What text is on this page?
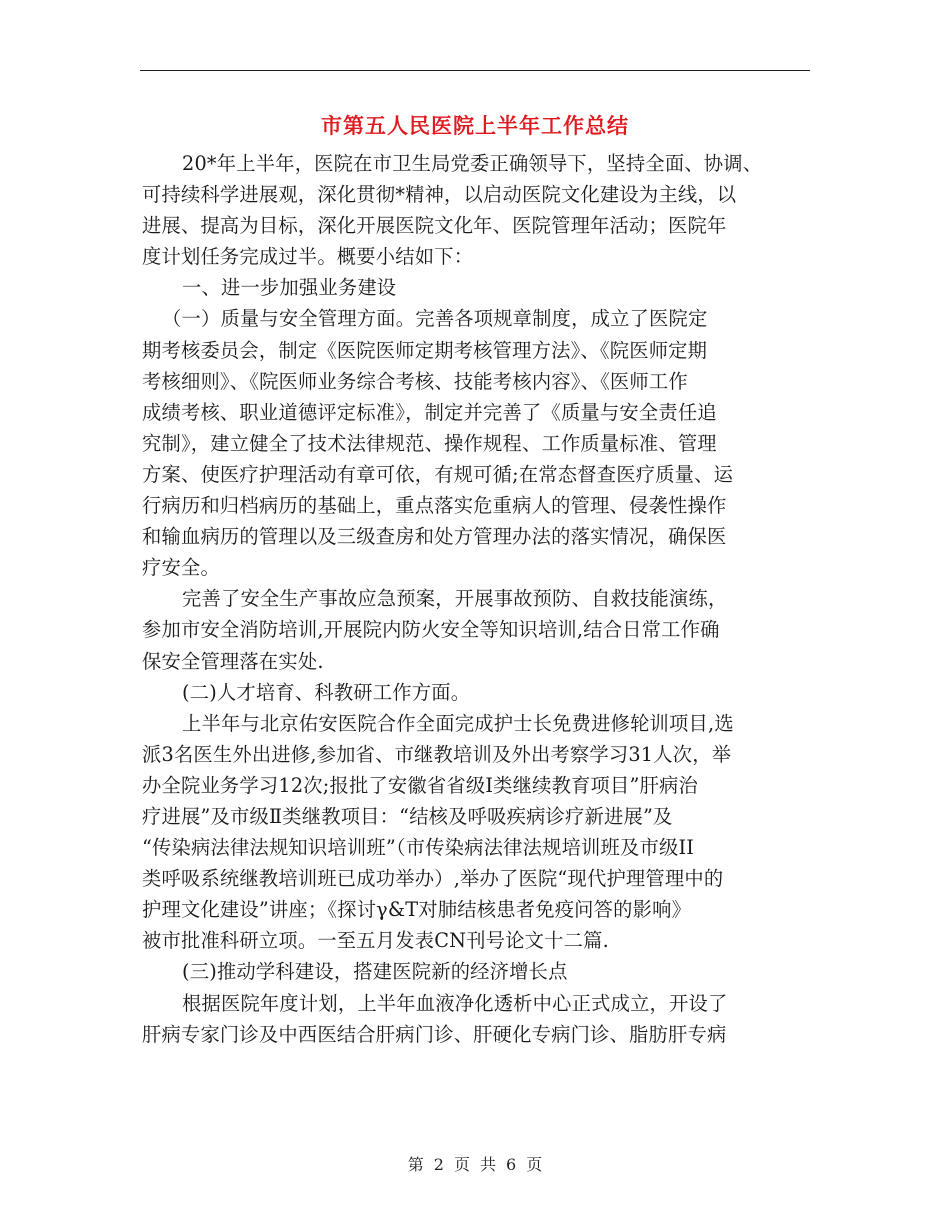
市第五人民医院上半年工作总结
20*年上半年，医院在市卫生局党委正确领导下，坚持全面、协调、
可持续科学进展观，深化贯彻*精神，以启动医院文化建设为主线，以
进展、提高为目标，深化开展医院文化年、医院管理年活动；医院年
度计划任务完成过半。概要小结如下：
一、进一步加强业务建设
（一）质量与安全管理方面。完善各项规章制度，成立了医院定
期考核委员会，制定《医院医师定期考核管理方法》、《院医师定期
考核细则》、《院医师业务综合考核、技能考核内容》、《医师工作
成绩考核、职业道德评定标准》，制定并完善了《质量与安全责任追
究制》，建立健全了技术法律规范、操作规程、工作质量标准、管理
方案、使医疗护理活动有章可依，有规可循;在常态督查医疗质量、运
行病历和归档病历的基础上，重点落实危重病人的管理、侵袭性操作
和输血病历的管理以及三级查房和处方管理办法的落实情况，确保医
疗安全。
完善了安全生产事故应急预案，开展事故预防、自救技能演练，
参加市安全消防培训,开展院内防火安全等知识培训,结合日常工作确
保安全管理落在实处.
(二)人才培育、科教研工作方面。
上半年与北京佑安医院合作全面完成护士长免费进修轮训项目,选
派3名医生外出进修,参加省、市继教培训及外出考察学习31人次，举
办全院业务学习12次;报批了安徽省省级Ⅰ类继续教育项目”肝病治
疗进展”及市级Ⅱ类继教项目：“结核及呼吸疾病诊疗新进展”及
“传染病法律法规知识培训班”（市传染病法律法规培训班及市级II
类呼吸系统继教培训班已成功举办）,举办了医院“现代护理管理中的
护理文化建设”讲座；《探讨γ&T对肺结核患者免疫问答的影响》
被市批准科研立项。一至五月发表CN刊号论文十二篇.
(三)推动学科建设，搭建医院新的经济增长点
根据医院年度计划，上半年血液净化透析中心正式成立，开设了
肝病专家门诊及中西医结合肝病门诊、肝硬化专病门诊、脂肪肝专病
第 2 页 共 6 页
